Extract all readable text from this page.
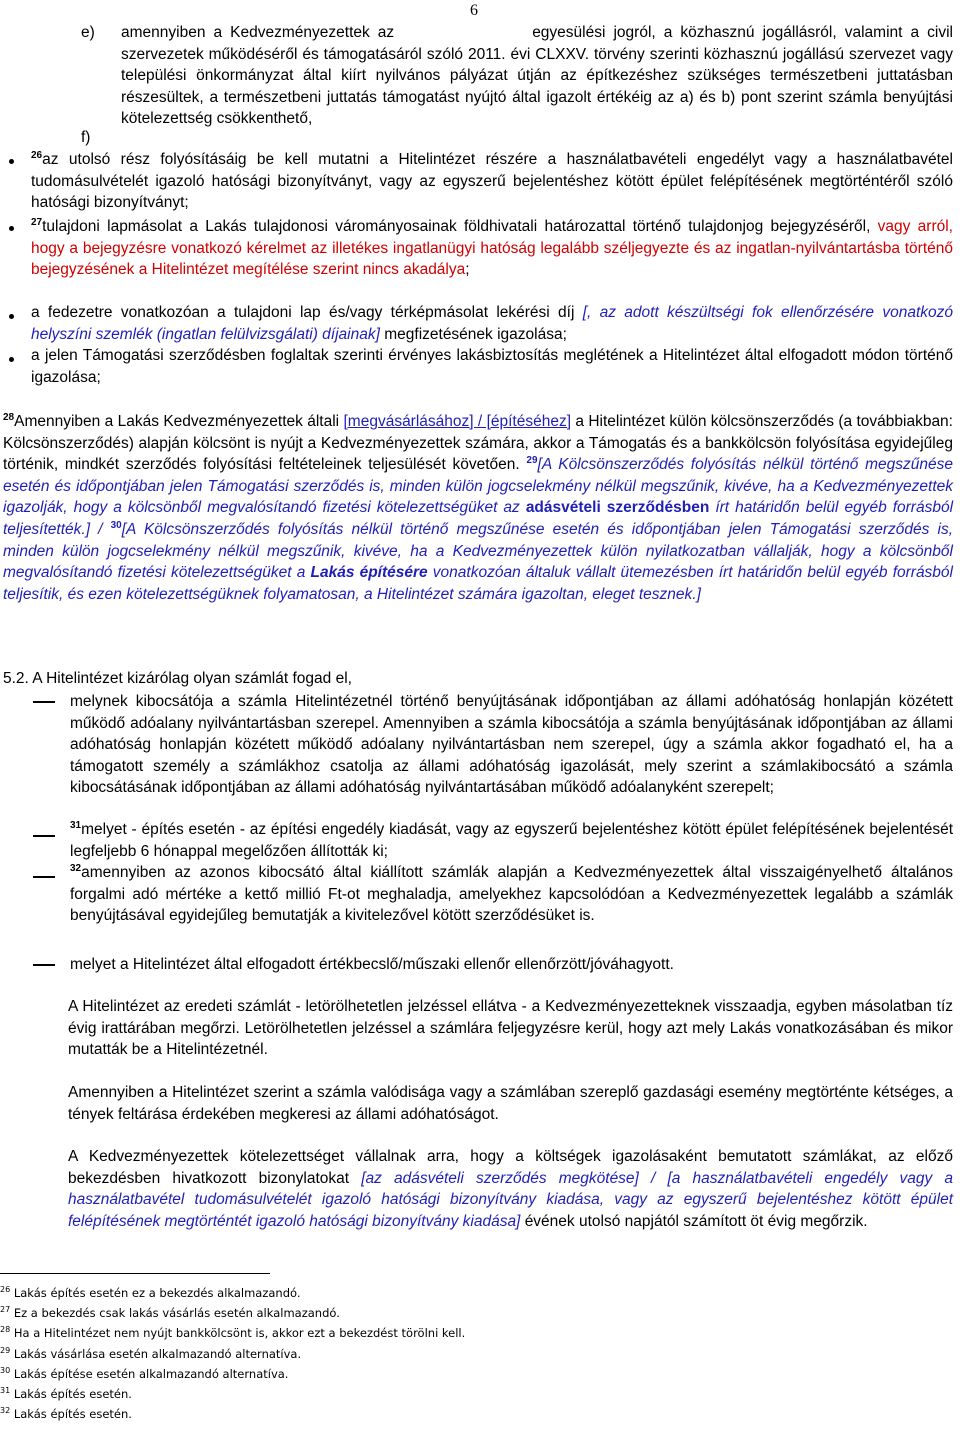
6
e) amennyiben a Kedvezményezettek az	egyesülési jogról, a közhasznú jogállásról, valamint a civil szervezetek működéséről és támogatásáról szóló 2011. évi CLXXV. törvény szerinti közhasznú jogállású szervezet vagy települési önkormányzat által kiírt nyilvános pályázat útján az építkezéshez szükséges természetbeni juttatásban részesültek, a természetbeni juttatás támogatást nyújtó által igazolt értékéig az a) és b) pont szerint számla benyújtási kötelezettség csökkenthető,
f)
$^{26}$az utolsó rész folyósításáig be kell mutatni a Hitelintézet részére a használatbavételi engedélyt vagy a használatbavétel tudomásulvételét igazoló hatósági bizonyítványt, vagy az egyszerű bejelentéshez kötött épület felépítésének megtörténtéről szóló hatósági bizonyítványt;
$^{27}$tulajdoni lapmásolat a Lakás tulajdonosi várományosainak földhivatali határozattal történő tulajdonjog bejegyzéséről, vagy arról, hogy a bejegyzésre vonatkozó kérelmet az illetékes ingatlanügyi hatóság legalább széljegyezte és az ingatlan-nyilvántartásba történő bejegyzésének a Hitelintézet megítélése szerint nincs akadálya;
a fedezetre vonatkozóan a tulajdoni lap és/vagy térképmásolat lekérési díj [, az adott készültségi fok ellenőrzésére vonatkozó helyszíni szemlék (ingatlan felülvizsgálati) díjainak] megfizetésének igazolása;
a jelen Támogatási szerződésben foglaltak szerinti érvényes lakásbiztosítás meglétének a Hitelintézet által elfogadott módon történő igazolása;
$^{28}$Amennyiben a Lakás Kedvezményezettek általi [megvásárlásához] / [építéséhez] a Hitelintézet külön kölcsönszerződés (a továbbiakban: Kölcsönszerződés) alapján kölcsönt is nyújt a Kedvezményezettek számára, akkor a Támogatás és a bankkölcsön folyósítása egyidejűleg történik, mindkét szerződés folyósítási feltételeinek teljesülését követően. $^{29}$[A Kölcsönszerződés folyósítás nélkül történő megszűnése esetén és időpontjában jelen Támogatási szerződés is, minden külön jogcselekmény nélkül megszűnik, kivéve, ha a Kedvezményezettek igazolják, hogy a kölcsönből megvalósítandó fizetési kötelezettségüket az adásvételi szerződésben írt határidőn belül egyéb forrásból teljesítették.] / $^{30}$[A Kölcsönszerződés folyósítás nélkül történő megszűnése esetén és időpontjában jelen Támogatási szerződés is, minden külön jogcselekmény nélkül megszűnik, kivéve, ha a Kedvezményezettek külön nyilatkozatban vállalják, hogy a kölcsönből megvalósítandó fizetési kötelezettségüket a Lakás építésére vonatkozóan általuk vállalt ütemezésben írt határidőn belül egyéb forrásból teljesítik, és ezen kötelezettségüknek folyamatosan, a Hitelintézet számára igazoltan, eleget tesznek.]
5.2. A Hitelintézet kizárólag olyan számlát fogad el,
melynek kibocsátója a számla Hitelintézetnél történő benyújtásának időpontjában az állami adóhatóság honlapján közétett működő adóalany nyilvántartásban szerepel. Amennyiben a számla kibocsátója a számla benyújtásának időpontjában az állami adóhatóság honlapján közétett működő adóalany nyilvántartásban nem szerepel, úgy a számla akkor fogadható el, ha a támogatott személy a számlákhoz csatolja az állami adóhatóság igazolását, mely szerint a számlakibocsátó a számla kibocsátásának időpontjában az állami adóhatóság nyilvántartásában működő adóalanyként szerepelt;
$^{31}$melyet - építés esetén - az építési engedély kiadását, vagy az egyszerű bejelentéshez kötött épület felépítésének bejelentését legfeljebb 6 hónappal megelőzően állították ki;
$^{32}$amennyiben az azonos kibocsátó által kiállított számlák alapján a Kedvezményezettek által visszaigényelhető általános forgalmi adó mértéke a kettő millió Ft-ot meghaladja, amelyekhez kapcsolódóan a Kedvezményezettek legalább a számlák benyújtásával egyidejűleg bemutatják a kivitelezővel kötött szerződésüket is.
melyet a Hitelintézet által elfogadott értékbecslő/műszaki ellenőr ellenőrzött/jóváhagyott.
A Hitelintézet az eredeti számlát - letörölhetetlen jelzéssel ellátva - a Kedvezményezetteknek visszaadja, egyben másolatban tíz évig irattárában megőrzi. Letörölhetetlen jelzéssel a számlára feljegyzésre kerül, hogy azt mely Lakás vonatkozásában és mikor mutatták be a Hitelintézetnél.
Amennyiben a Hitelintézet szerint a számla valódisága vagy a számlában szereplő gazdasági esemény megtörténte kétséges, a tények feltárása érdekében megkeresi az állami adóhatóságot.
A Kedvezményezettek kötelezettséget vállalnak arra, hogy a költségek igazolásaként bemutatott számlákat, az előző bekezdésben hivatkozott bizonylatokat [az adásvételi szerződés megkötése] / [a használatbavételi engedély vagy a használatbavétel tudomásulvételét igazoló hatósági bizonyítvány kiadása, vagy az egyszerű bejelentéshez kötött épület felépítésének megtörténtét igazoló hatósági bizonyítvány kiadása] évének utolsó napjától számított öt évig megőrzik.
$^{26}$ Lakás építés esetén ez a bekezdés alkalmazandó.
$^{27}$ Ez a bekezdés csak lakás vásárlás esetén alkalmazandó.
$^{28}$ Ha a Hitelintézet nem nyújt bankkölcsönt is, akkor ezt a bekezdést törölni kell.
$^{29}$ Lakás vásárlása esetén alkalmazandó alternatíva.
$^{30}$ Lakás építése esetén alkalmazandó alternatíva.
$^{31}$ Lakás építés esetén.
$^{32}$ Lakás építés esetén.
